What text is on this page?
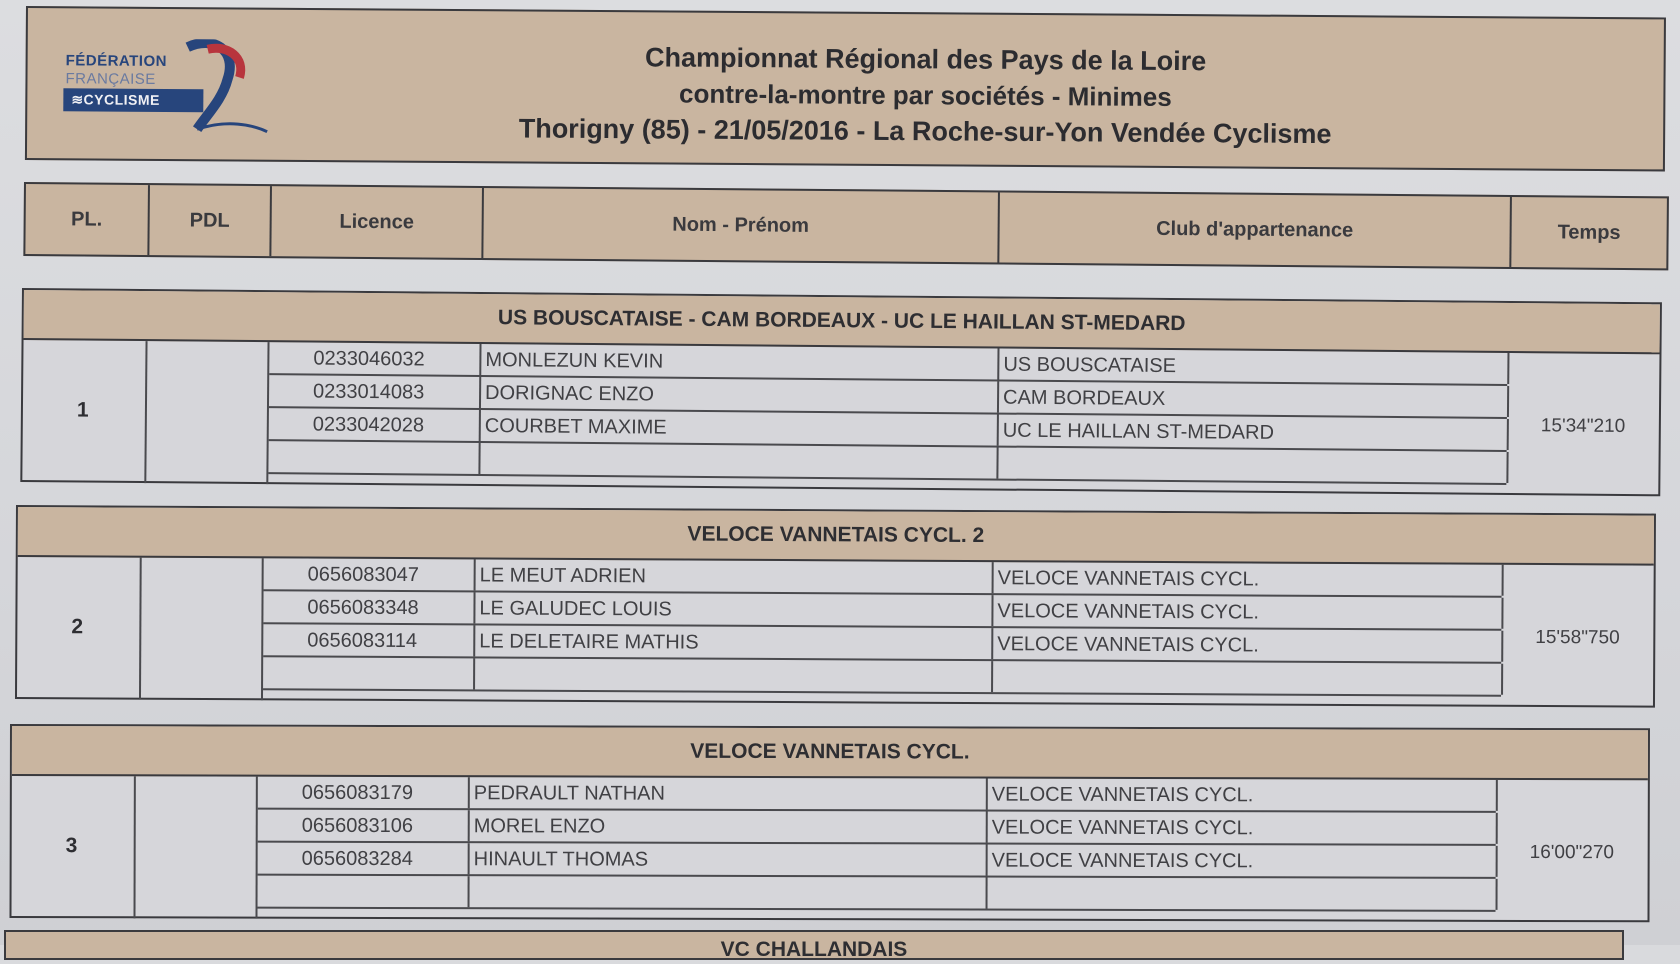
FÉDÉRATION
FRANÇAISE
≋CYCLISME
Championnat Régional des Pays de la Loire
contre-la-montre par sociétés - Minimes
Thorigny (85) - 21/05/2016 - La Roche-sur-Yon Vendée Cyclisme
PL.	PDL	Licence	Nom - Prénom	Club d'appartenance	Temps
US BOUSCATAISE - CAM BORDEAUX - UC LE HAILLAN ST-MEDARD
1
0233046032	MONLEZUN KEVIN	US BOUSCATAISE
0233014083	DORIGNAC ENZO	CAM BORDEAUX
0233042028	COURBET MAXIME	UC LE HAILLAN ST-MEDARD	15'34"210
VELOCE VANNETAIS CYCL. 2
2
0656083047	LE MEUT ADRIEN	VELOCE VANNETAIS CYCL.
0656083348	LE GALUDEC LOUIS	VELOCE VANNETAIS CYCL.
0656083114	LE DELETAIRE MATHIS	VELOCE VANNETAIS CYCL.	15'58"750
VELOCE VANNETAIS CYCL.
3
0656083179	PEDRAULT NATHAN	VELOCE VANNETAIS CYCL.
0656083106	MOREL ENZO	VELOCE VANNETAIS CYCL.
0656083284	HINAULT THOMAS	VELOCE VANNETAIS CYCL.	16'00"270
VC CHALLANDAIS
